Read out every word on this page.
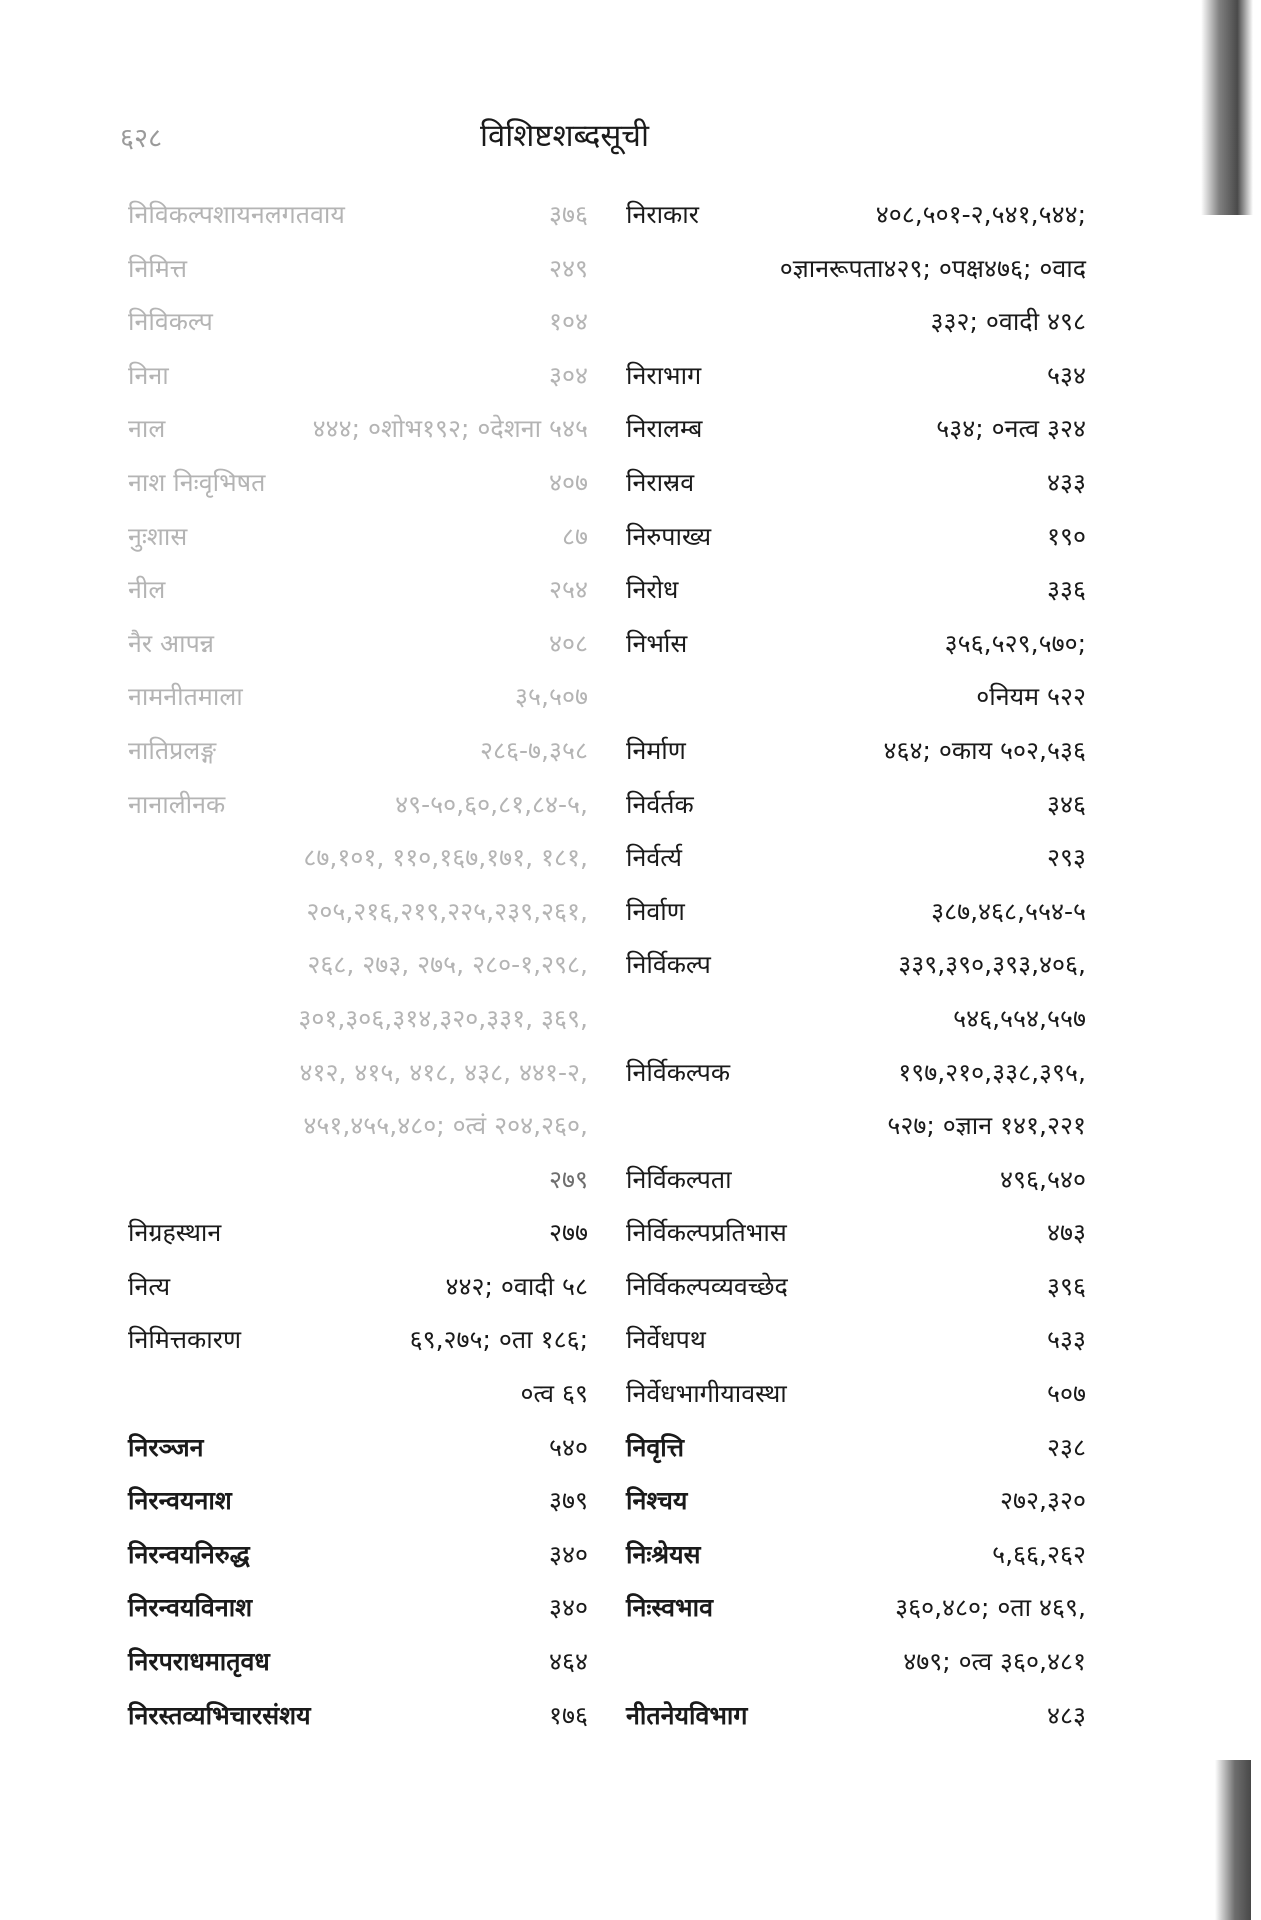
६२८	विशिष्टशब्दसूची
निविकल्पशायनलगतवाय	३७६
निमित्त	२४९
निविकल्प	१०४
निना	३०४
नाल	४४४; ०शोभ१९२; ०देशना ५४५
नाश निःवृभिषत	४०७
नुःशास	८७
नील	२५४
नैर आपन्न	४०८
नामनीतमाला	३५,५०७
नातिप्रलङ्ग	२८६-७,३५८
नानालीनक	४९-५०,६०,८१,८४-५,
८७,१०१, ११०,१६७,१७१, १८१,
२०५,२१६,२१९,२२५,२३९,२६१,
२६८, २७३, २७५, २८०-१,२९८,
३०१,३०६,३१४,३२०,३३१, ३६९,
४१२, ४१५, ४१८, ४३८, ४४१-२,
४५१,४५५,४८०; ०त्वं २०४,२६०,
२७९
निग्रहस्थान	२७७
नित्य	४४२; ०वादी ५८
निमित्तकारण	६९,२७५; ०ता १८६;
०त्व ६९
निरञ्जन	५४०
निरन्वयनाश	३७९
निरन्वयनिरुद्ध	३४०
निरन्वयविनाश	३४०
निरपराधमातृवध	४६४
निरस्तव्यभिचारसंशय	१७६
निराकार	४०८,५०१-२,५४१,५४४;
०ज्ञानरूपता४२९; ०पक्ष४७६; ०वाद
३३२; ०वादी ४९८
निराभाग	५३४
निरालम्ब	५३४; ०नत्व ३२४
निरास्रव	४३३
निरुपाख्य	१९०
निरोध	३३६
निर्भास	३५६,५२९,५७०;
०नियम ५२२
निर्माण	४६४; ०काय ५०२,५३६
निर्वर्तक	३४६
निर्वर्त्य	२९३
निर्वाण	३८७,४६८,५५४-५
निर्विकल्प	३३९,३९०,३९३,४०६,
५४६,५५४,५५७
निर्विकल्पक	१९७,२१०,३३८,३९५,
५२७; ०ज्ञान १४१,२२१
निर्विकल्पता	४९६,५४०
निर्विकल्पप्रतिभास	४७३
निर्विकल्पव्यवच्छेद	३९६
निर्वेधपथ	५३३
निर्वेधभागीयावस्था	५०७
निवृत्ति	२३८
निश्चय	२७२,३२०
निःश्रेयस	५,६६,२६२
निःस्वभाव	३६०,४८०; ०ता ४६९,
४७९; ०त्व ३६०,४८१
नीतनेयविभाग	४८३
